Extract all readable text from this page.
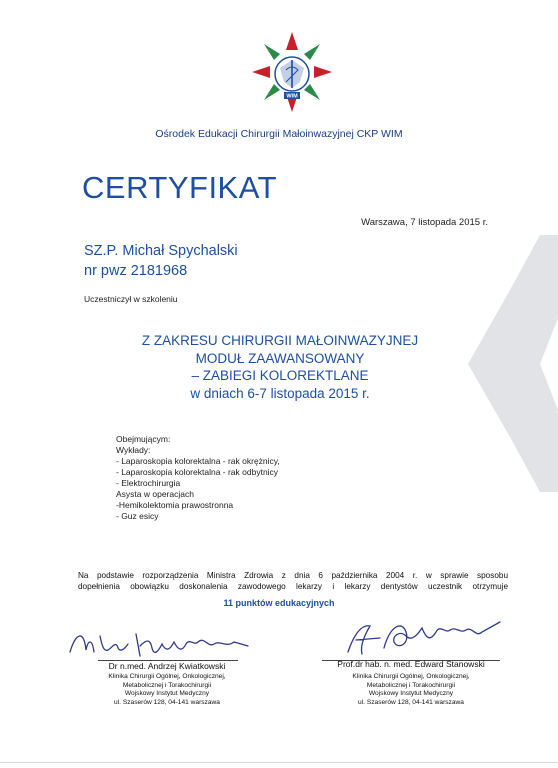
WIM
Ośrodek Edukacji Chirurgii Małoinwazyjnej CKP WIM
CERTYFIKAT
Warszawa, 7 listopada 2015 r.
SZ.P. Michał Spychalski
nr pwz 2181968
Uczestniczył w szkoleniu
Z ZAKRESU CHIRURGII MAŁOINWAZYJNEJ
MODUŁ ZAAWANSOWANY
– ZABIEGI KOLOREKTLANE
w dniach 6-7 listopada 2015 r.
Obejmującym:
Wykłady:
- Laparoskopia kolorektalna - rak okrężnicy,
- Laparoskopia kolorektalna - rak odbytnicy
- Elektrochirurgia
Asysta w operacjach
-Hemikolektomia prawostronna
- Guz esicy
Na podstawie rozporządzenia Ministra Zdrowia z dnia 6 października 2004 r. w sprawie sposobu
dopełnienia obowiązku doskonalenia zawodowego lekarzy i lekarzy dentystów uczestnik otrzymuje
11 punktów edukacyjnych
Dr n.med. Andrzej Kwiatkowski
Klinika Chirurgii Ogólnej, Onkologicznej,
Metabolicznej i Torakochirurgii
Wojskowy Instytut Medyczny
ul. Szaserów 128, 04-141 warszawa
Prof.dr hab. n. med. Edward Stanowski
Klinika Chirurgii Ogólnej, Onkologicznej,
Metabolicznej i Torakochirurgii
Wojskowy Instytut Medyczny
ul. Szaserów 128, 04-141 warszawa
